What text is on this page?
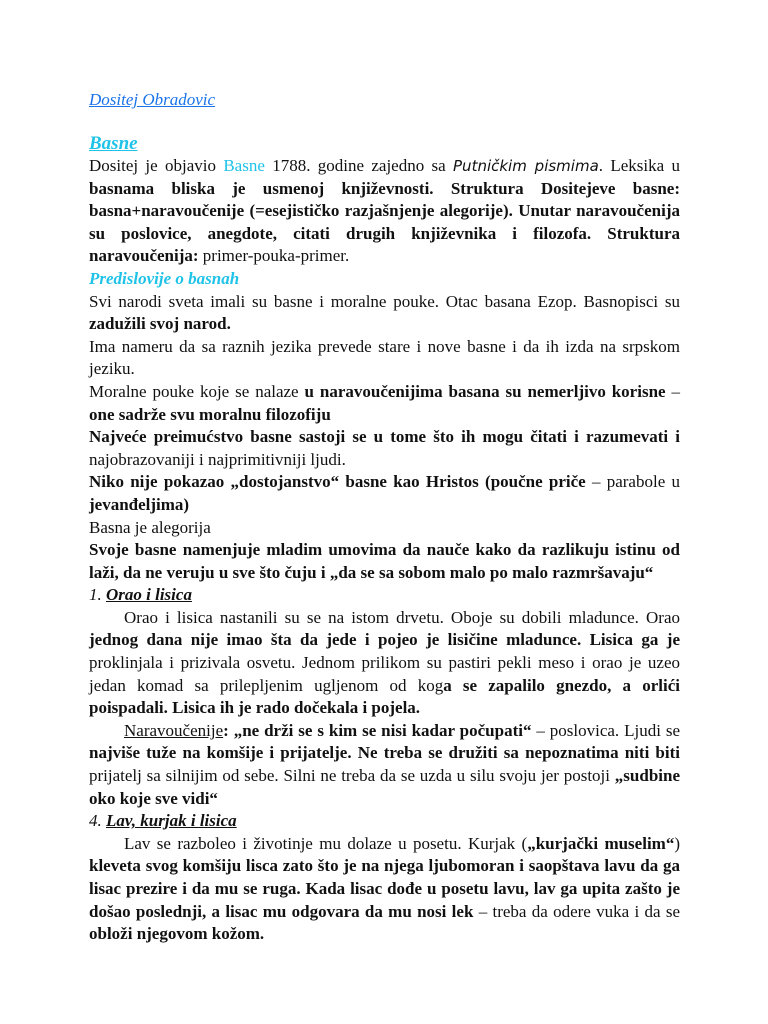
Dositej Obradovic

Basne

Dositej je objavio Basne 1788. godine zajedno sa Putničkim pismima. Leksika u basnama bliska je usmenoj književnosti. Struktura Dositejeve basne: basna+naravoučenije (=esejističko razjašnjenje alegorije). Unutar naravoučenija su poslovice, anegdote, citati drugih književnika i filozofa. Struktura naravoučenija: primer-pouka-primer.

Predislovije o basnah

Svi narodi sveta imali su basne i moralne pouke. Otac basana Ezop. Basnopisci su zadužili svoj narod.

Ima nameru da sa raznih jezika prevede stare i nove basne i da ih izda na srpskom jeziku.

Moralne pouke koje se nalaze u naravoučenijima basana su nemerljivo korisne – one sadrže svu moralnu filozofiju

Najveće preimućstvo basne sastoji se u tome što ih mogu čitati i razumevati i najobrazovaniji i najprimitivniji ljudi.

Niko nije pokazao „dostojanstvo“ basne kao Hristos (poučne priče – parabole u jevanđeljima)

Basna je alegorija

Svoje basne namenjuje mladim umovima da nauče kako da razlikuju istinu od laži, da ne veruju u sve što čuju i „da se sa sobom malo po malo razmršavaju“

1. Orao i lisica

Orao i lisica nastanili su se na istom drvetu. Oboje su dobili mladunce. Orao jednog dana nije imao šta da jede i pojeo je lisičine mladunce. Lisica ga je proklinjala i prizivala osvetu. Jednom prilikom su pastiri pekli meso i orao je uzeo jedan komad sa prilepljenim ugljenom od koga se zapalilo gnezdo, a orlići poispadali. Lisica ih je rado dočekala i pojela.

Naravoučenije: „ne drži se s kim se nisi kadar počupati“ – poslovica. Ljudi se najviše tuže na komšije i prijatelje. Ne treba se družiti sa nepoznatima niti biti prijatelj sa silnijim od sebe. Silni ne treba da se uzda u silu svoju jer postoji „sudbine oko koje sve vidi“

4. Lav, kurjak i lisica

Lav se razboleo i životinje mu dolaze u posetu. Kurjak („kurjački muselim“) kleveta svog komšiju lisca zato što je na njega ljubomoran i saopštava lavu da ga lisac prezire i da mu se ruga. Kada lisac dođe u posetu lavu, lav ga upita zašto je došao poslednji, a lisac mu odgovara da mu nosi lek – treba da odere vuka i da se obloži njegovom kožom.
